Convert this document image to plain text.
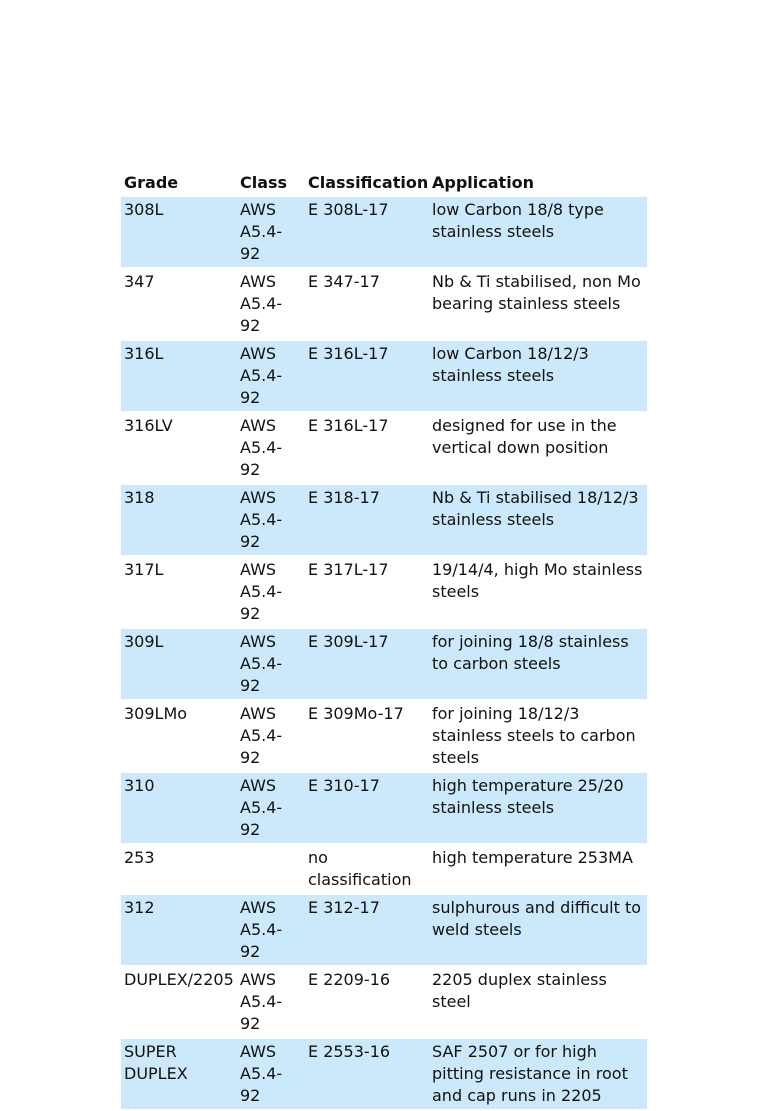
Grade	Class	Classification	Application
308L	AWS A5.4-92	E 308L-17	low Carbon 18/8 type stainless steels
347	AWS A5.4-92	E 347-17	Nb & Ti stabilised, non Mo bearing stainless steels
316L	AWS A5.4-92	E 316L-17	low Carbon 18/12/3 stainless steels
316LV	AWS A5.4-92	E 316L-17	designed for use in the vertical down position
318	AWS A5.4-92	E 318-17	Nb & Ti stabilised 18/12/3 stainless steels
317L	AWS A5.4-92	E 317L-17	19/14/4, high Mo stainless steels
309L	AWS A5.4-92	E 309L-17	for joining 18/8 stainless to carbon steels
309LMo	AWS A5.4-92	E 309Mo-17	for joining 18/12/3 stainless steels to carbon steels
310	AWS A5.4-92	E 310-17	high temperature 25/20 stainless steels
253		no classification	high temperature 253MA
312	AWS A5.4-92	E 312-17	sulphurous and difficult to weld steels
DUPLEX/2205	AWS A5.4-92	E 2209-16	2205 duplex stainless steel
SUPER DUPLEX	AWS A5.4-92	E 2553-16	SAF 2507 or for high pitting resistance in root and cap runs in 2205
